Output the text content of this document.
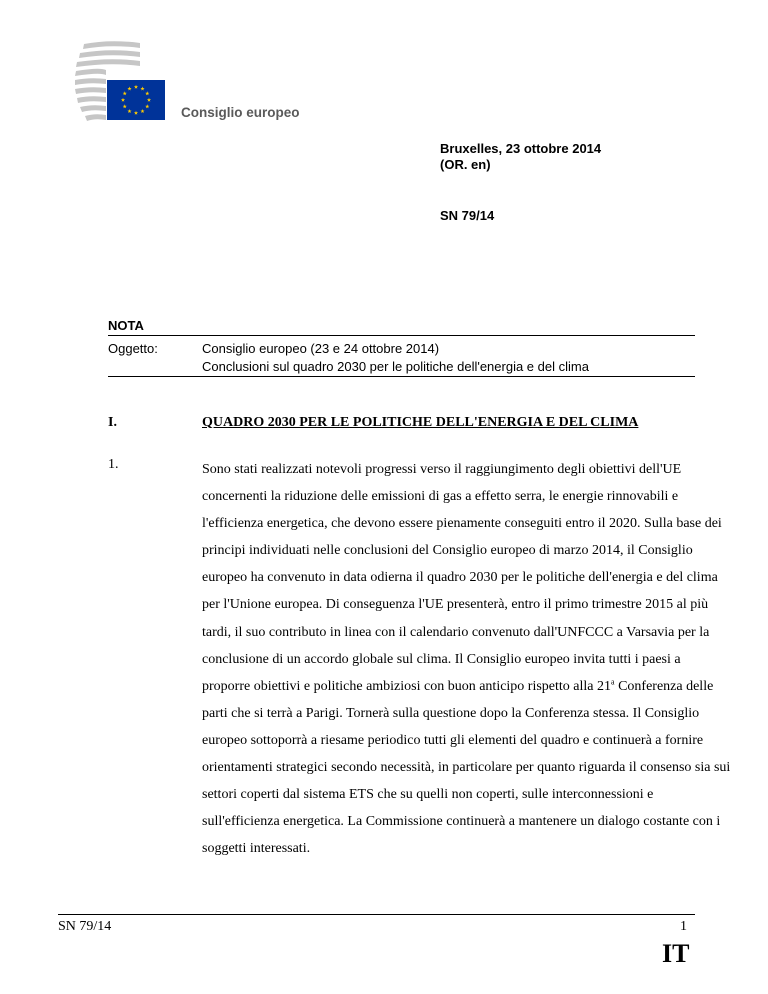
Consiglio europeo
Bruxelles, 23 ottobre 2014
(OR. en)
SN 79/14
NOTA
Oggetto:	Consiglio europeo (23 e 24 ottobre 2014)
Conclusioni sul quadro 2030 per le politiche dell'energia e del clima
I.	QUADRO 2030 PER LE POLITICHE DELL'ENERGIA E DEL CLIMA
1.	Sono stati realizzati notevoli progressi verso il raggiungimento degli obiettivi dell'UE
concernenti la riduzione delle emissioni di gas a effetto serra, le energie rinnovabili e
l'efficienza energetica, che devono essere pienamente conseguiti entro il 2020. Sulla base dei
principi individuati nelle conclusioni del Consiglio europeo di marzo 2014, il Consiglio
europeo ha convenuto in data odierna il quadro 2030 per le politiche dell'energia e del clima
per l'Unione europea. Di conseguenza l'UE presenterà, entro il primo trimestre 2015 al più
tardi, il suo contributo in linea con il calendario convenuto dall'UNFCCC a Varsavia per la
conclusione di un accordo globale sul clima. Il Consiglio europeo invita tutti i paesi a
proporre obiettivi e politiche ambiziosi con buon anticipo rispetto alla 21$^a$ Conferenza delle
parti che si terrà a Parigi. Tornerà sulla questione dopo la Conferenza stessa. Il Consiglio
europeo sottoporrà a riesame periodico tutti gli elementi del quadro e continuerà a fornire
orientamenti strategici secondo necessità, in particolare per quanto riguarda il consenso sia sui
settori coperti dal sistema ETS che su quelli non coperti, sulle interconnessioni e
sull'efficienza energetica. La Commissione continuerà a mantenere un dialogo costante con i
soggetti interessati.
SN 79/14	1
IT
